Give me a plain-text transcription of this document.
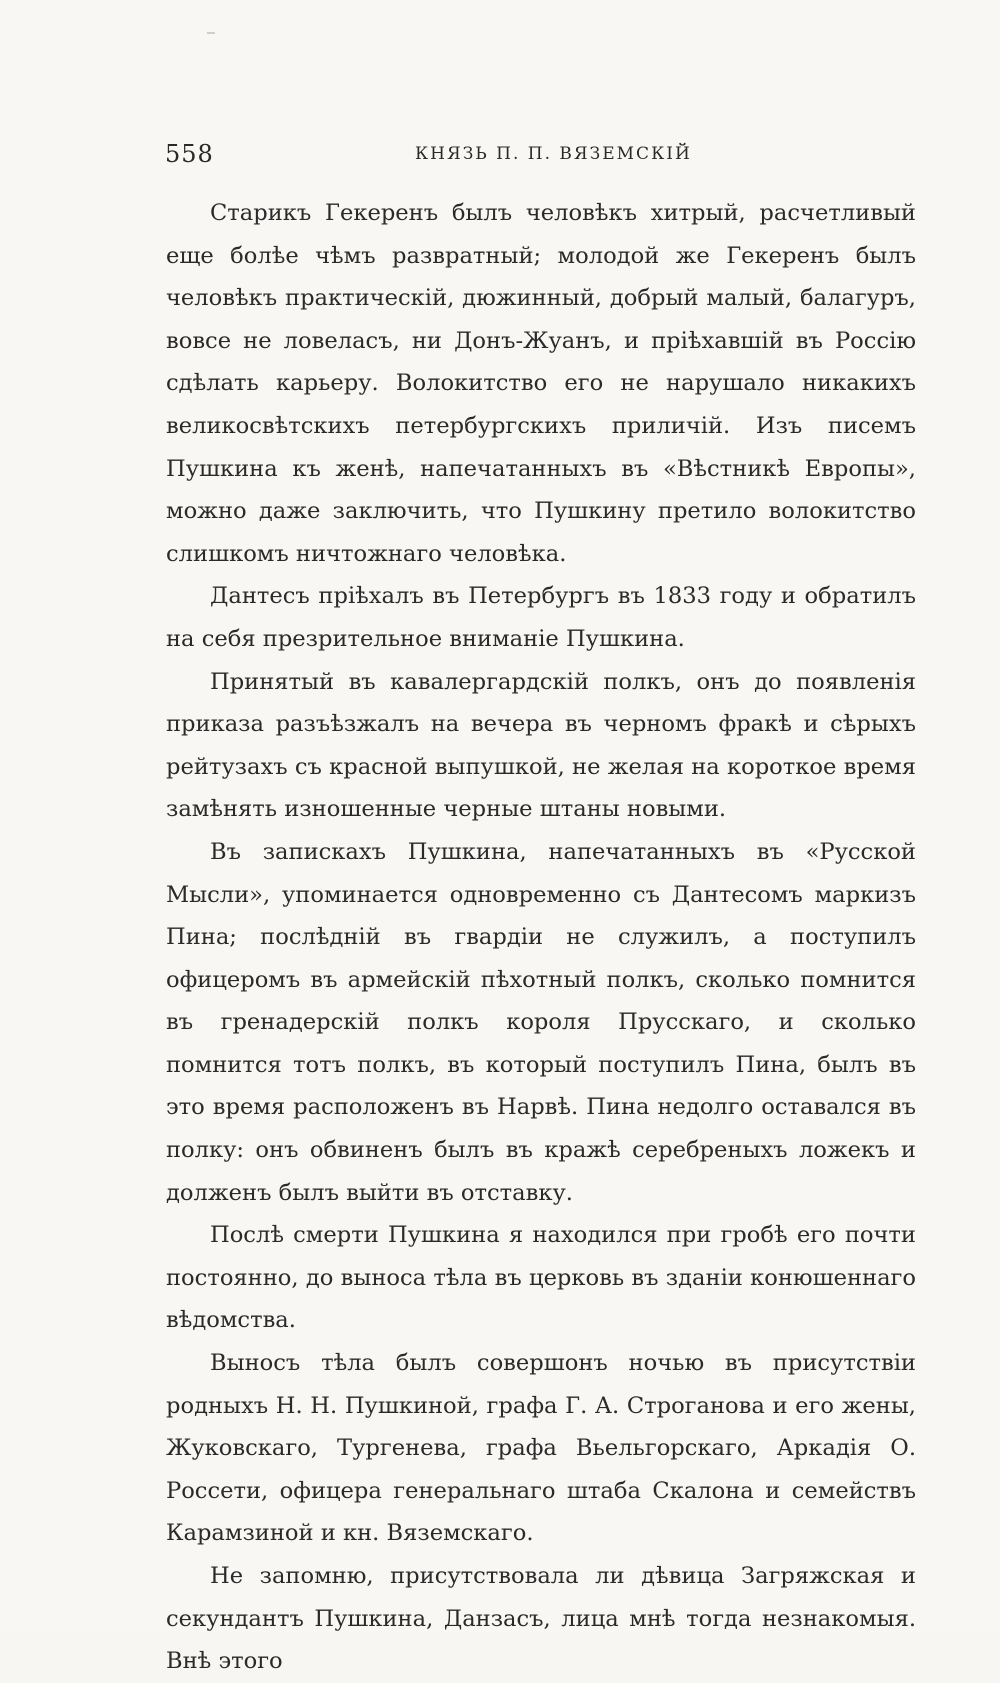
558	КНЯЗЬ П. П. ВЯЗЕМСКІЙ

Старикъ Гекеренъ былъ человѣкъ хитрый, расчетливый еще болѣе чѣмъ развратный; молодой же Гекеренъ былъ человѣкъ практическій, дюжинный, добрый малый, балагуръ, вовсе не ловеласъ, ни Донъ-Жуанъ, и пріѣхавшій въ Россію сдѣлать карьеру. Волокитство его не нарушало никакихъ великосвѣтскихъ петербургскихъ приличій. Изъ писемъ Пушкина къ женѣ, напечатанныхъ въ «Вѣстникѣ Европы», можно даже заключить, что Пушкину претило волокитство слишкомъ ничтожнаго человѣка.

Дантесъ пріѣхалъ въ Петербургъ въ 1833 году и обратилъ на себя презрительное вниманіе Пушкина.

Принятый въ кавалергардскій полкъ, онъ до появленія приказа разъѣзжалъ на вечера въ черномъ фракѣ и сѣрыхъ рейтузахъ съ красной выпушкой, не желая на короткое время замѣнять изношенные черные штаны новыми.

Въ запискахъ Пушкина, напечатанныхъ въ «Русской Мысли», упоминается одновременно съ Дантесомъ маркизъ Пина; послѣдній въ гвардіи не служилъ, а поступилъ офицеромъ въ армейскій пѣхотный полкъ, сколько помнится въ гренадерскій полкъ короля Прусскаго, и сколько помнится тотъ полкъ, въ который поступилъ Пина, былъ въ это время расположенъ въ Нарвѣ. Пина недолго оставался въ полку: онъ обвиненъ былъ въ кражѣ серебреныхъ ложекъ и долженъ былъ выйти въ отставку.

Послѣ смерти Пушкина я находился при гробѣ его почти постоянно, до выноса тѣла въ церковь въ зданіи конюшеннаго вѣдомства.

Выносъ тѣла былъ совершонъ ночью въ присутствіи родныхъ Н. Н. Пушкиной, графа Г. А. Строганова и его жены, Жуковскаго, Тургенева, графа Вьельгорскаго, Аркадія О. Россети, офицера генеральнаго штаба Скалона и семействъ Карамзиной и кн. Вяземскаго.

Не запомню, присутствовала ли дѣвица Загряжская и секундантъ Пушкина, Данзасъ, лица мнѣ тогда незнакомыя. Внѣ этого
